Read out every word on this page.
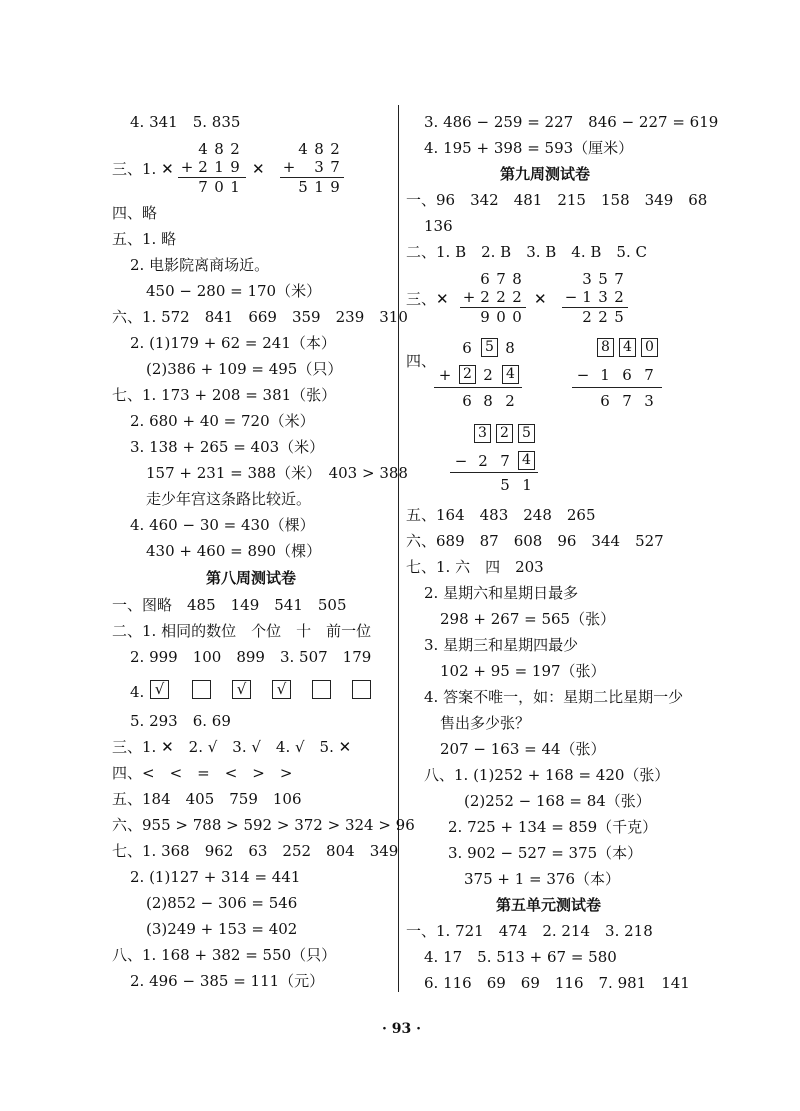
4. 341　5. 835
三、1. ✕
4 8 2
+ 2 1 9
7 0 1
✕
4 8 2
+ 3 7
5 1 9
四、略
五、1. 略
2. 电影院离商场近。
450 − 280 = 170（米）
六、1. 572　841　669　359　239　310
2. (1)179 + 62 = 241（本）
(2)386 + 109 = 495（只）
七、1. 173 + 208 = 381（张）
2. 680 + 40 = 720（米）
3. 138 + 265 = 403（米）
157 + 231 = 388（米）　403 > 388
走少年宫这条路比较近。
4. 460 − 30 = 430（棵）
430 + 460 = 890（棵）
第八周测试卷
一、图略　485　149　541　505
二、1. 相同的数位　个位　十　前一位
2. 999　100　899　3. 507　179
4. √	√	√
5. 293　6. 69
三、1. ✕　2. √　3. √　4. √　5. ✕
四、<　<　=　<　>　>
五、184　405　759　106
六、955 > 788 > 592 > 372 > 324 > 96
七、1. 368　962　63　252　804　349
2. (1)127 + 314 = 441
(2)852 − 306 = 546
(3)249 + 153 = 402
八、1. 168 + 382 = 550（只）
2. 496 − 385 = 111（元）
3. 486 − 259 = 227　846 − 227 = 619
4. 195 + 398 = 593（厘米）
第九周测试卷
一、96　342　481　215　158　349　68
136
二、1. B　2. B　3. B　4. B　5. C
三、✕
6 7 8
+ 2 2 2
9 0 0
✕
3 5 7
− 1 3 2
2 2 5
四、
6 5 8
+ 2 2 4
6 8 2
8 4 0
− 1 6 7
6 7 3
3 2 5
− 2 7 4
5 1
五、164　483　248　265
六、689　87　608　96　344　527
七、1. 六　四　203
2. 星期六和星期日最多
298 + 267 = 565（张）
3. 星期三和星期四最少
102 + 95 = 197（张）
4. 答案不唯一，如：星期二比星期一少
售出多少张？
207 − 163 = 44（张）
八、1. (1)252 + 168 = 420（张）
(2)252 − 168 = 84（张）
2. 725 + 134 = 859（千克）
3. 902 − 527 = 375（本）
375 + 1 = 376（本）
第五单元测试卷
一、1. 721　474　2. 214　3. 218
4. 17　5. 513 + 67 = 580
6. 116　69　69　116　7. 981　141
· 93 ·
